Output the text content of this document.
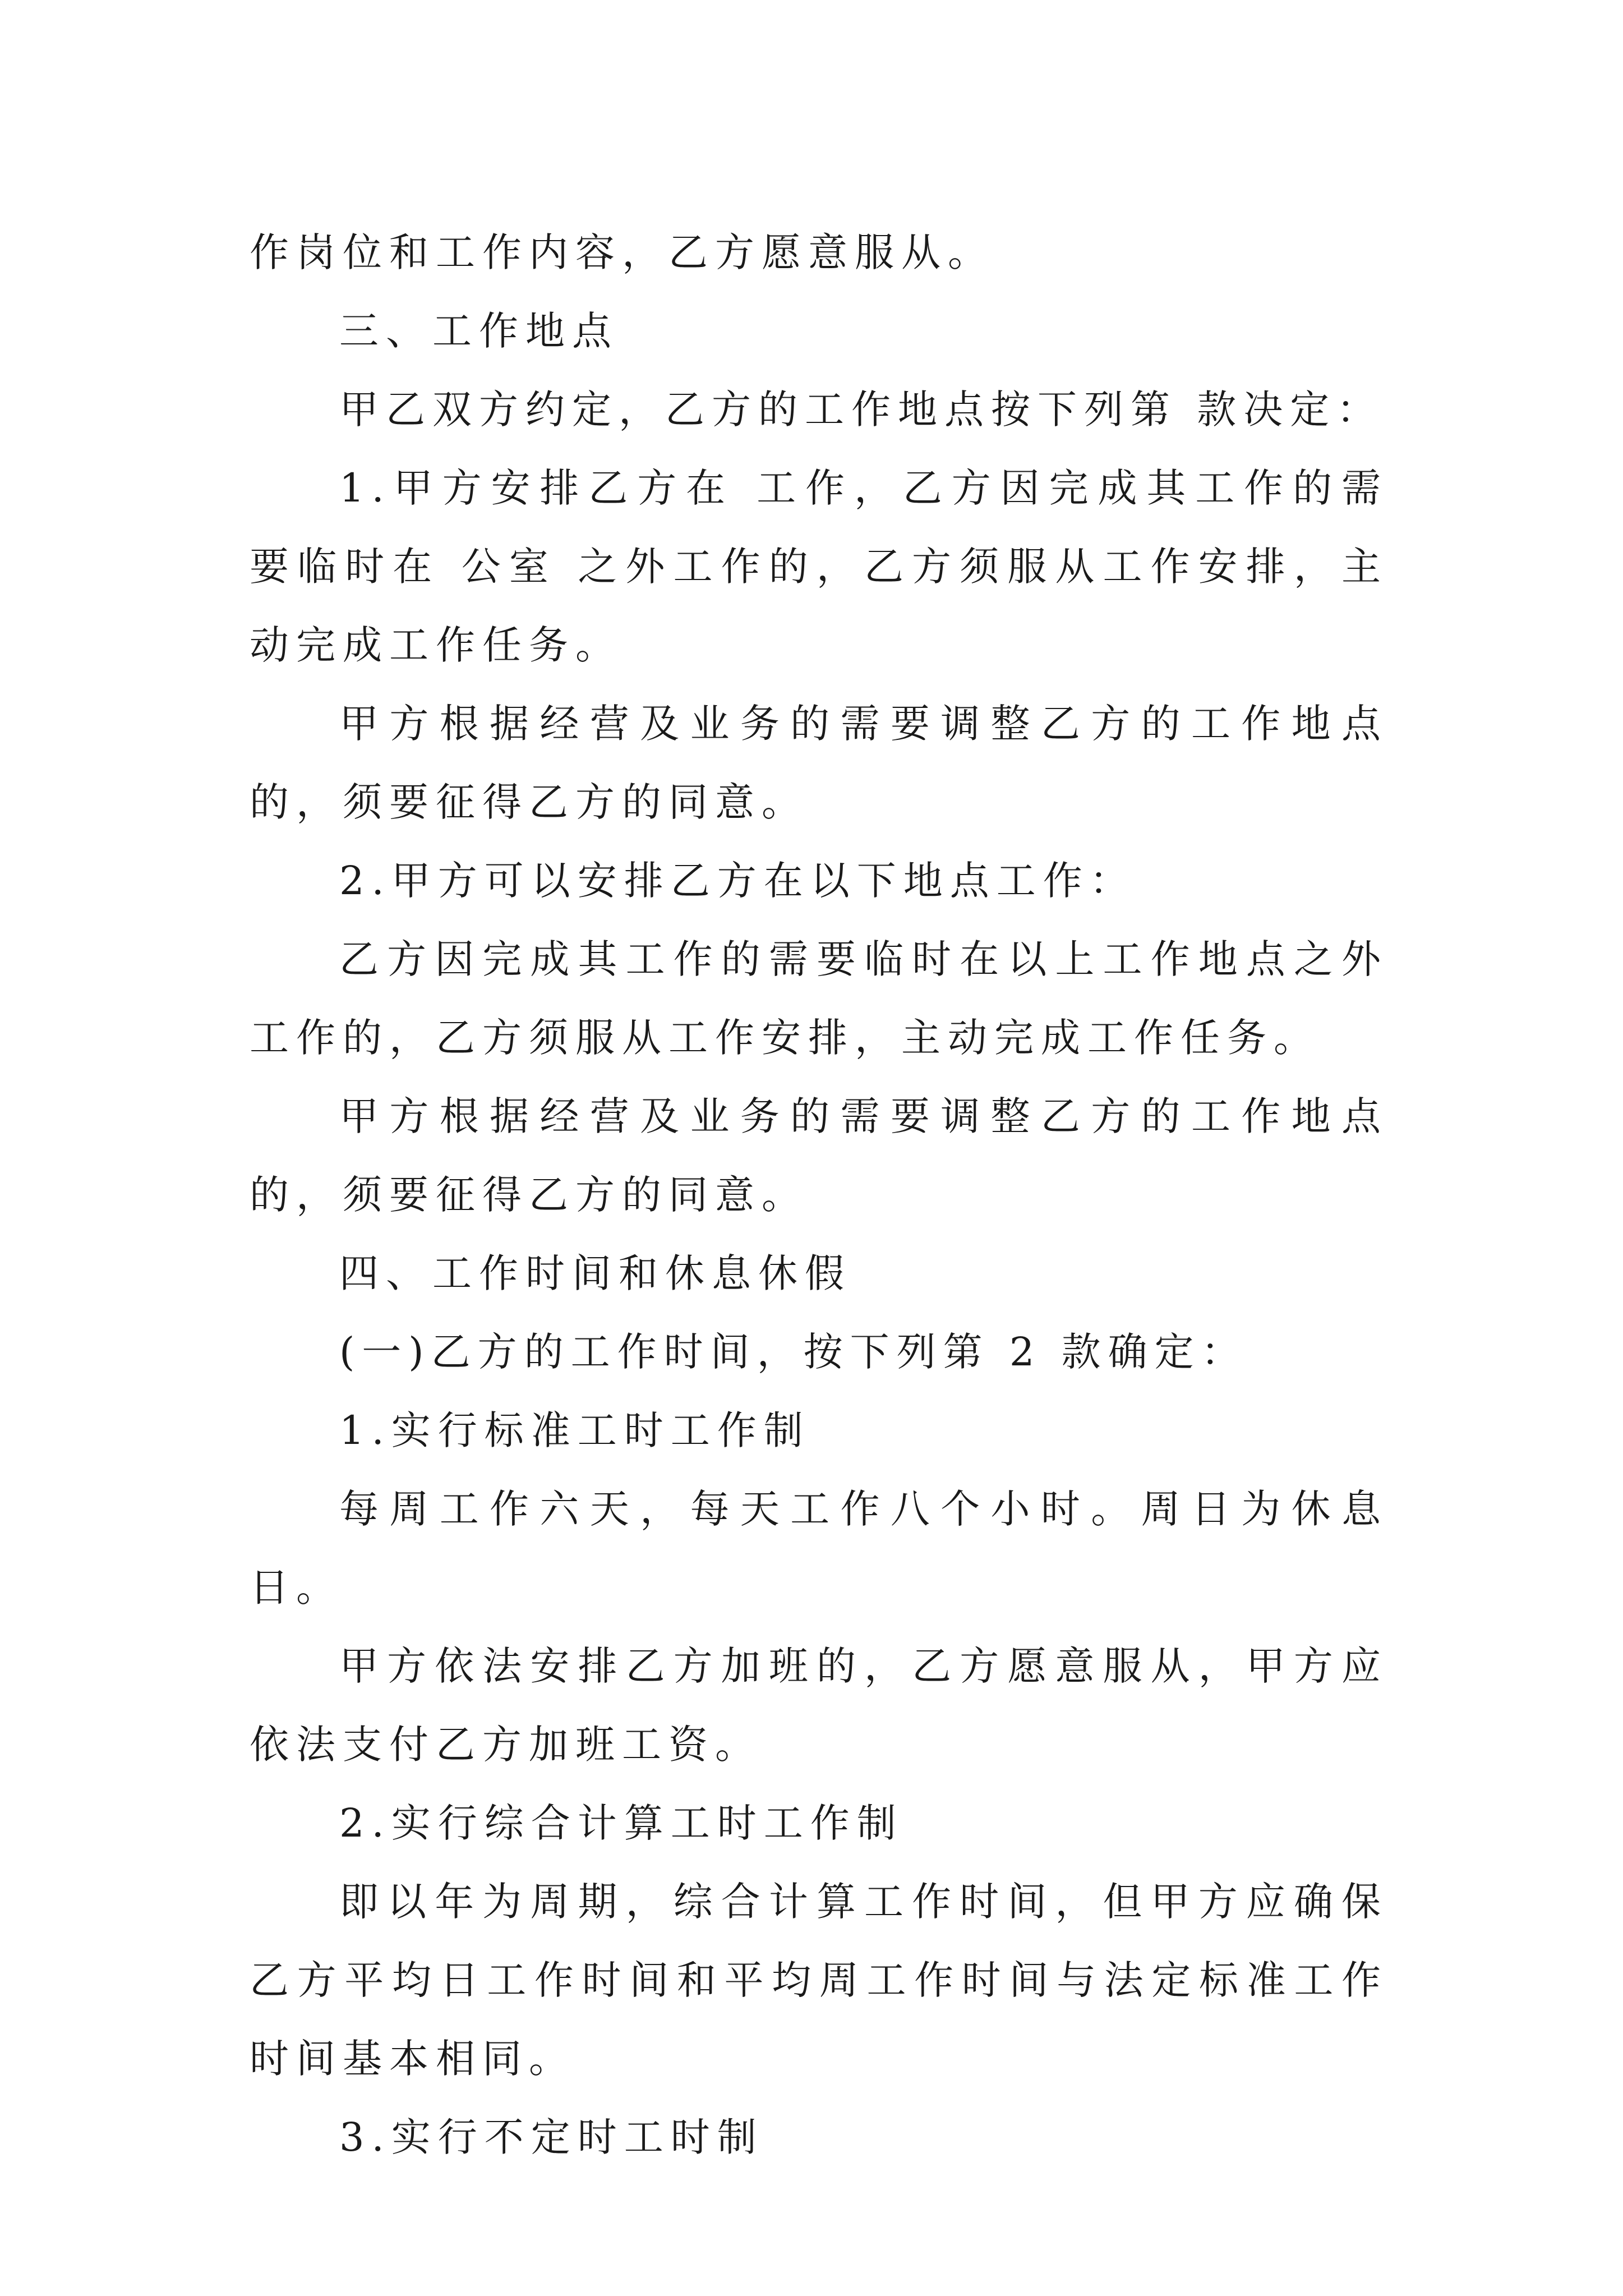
作岗位和工作内容，乙方愿意服从。

三、工作地点

甲乙双方约定，乙方的工作地点按下列第 款决定：

1.甲方安排乙方在 工作，乙方因完成其工作的需要临时在 公室 之外工作的，乙方须服从工作安排，主动完成工作任务。

甲方根据经营及业务的需要调整乙方的工作地点的，须要征得乙方的同意。

2.甲方可以安排乙方在以下地点工作：

乙方因完成其工作的需要临时在以上工作地点之外工作的，乙方须服从工作安排，主动完成工作任务。

甲方根据经营及业务的需要调整乙方的工作地点的，须要征得乙方的同意。

四、工作时间和休息休假

(一)乙方的工作时间，按下列第 2 款确定：

1.实行标准工时工作制

每周工作六天，每天工作八个小时。周日为休息日。

甲方依法安排乙方加班的，乙方愿意服从，甲方应依法支付乙方加班工资。

2.实行综合计算工时工作制

即以年为周期，综合计算工作时间，但甲方应确保乙方平均日工作时间和平均周工作时间与法定标准工作时间基本相同。

3.实行不定时工时制
